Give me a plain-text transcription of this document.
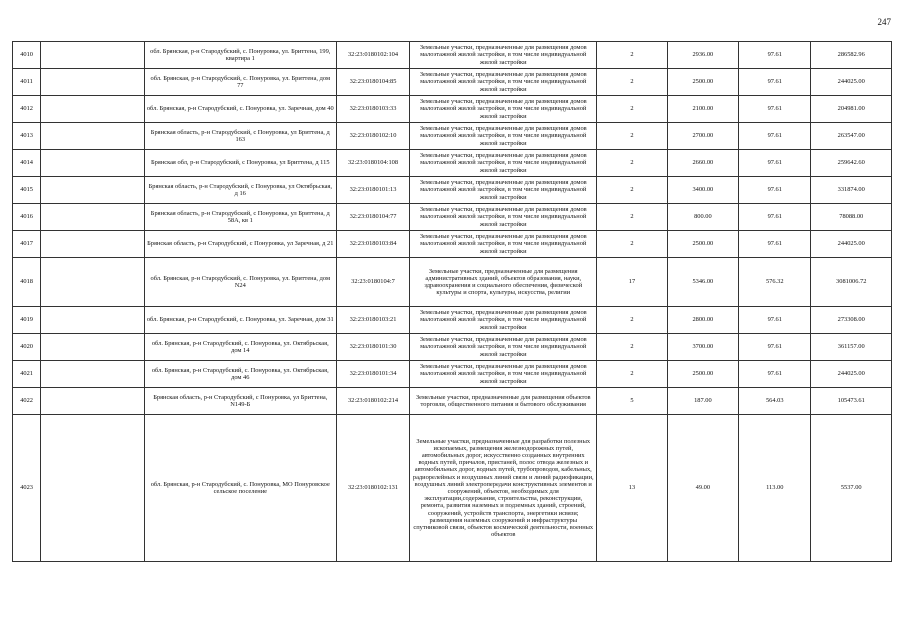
247
4010		обл. Брянская, р-н Стародубский, с. Понуровка, ул. Бриттена, 199, квартира 1	32:23:0180102:104	Земельные участки, предназначенные для размещения домов малоэтажной жилой застройки, в том числе индивидуальной жилой застройки	2	2936.00	97.61	286582.96
4011		обл. Брянская, р-н Стародубский, с. Понуровка, ул. Бриттена, дом 77	32:23:0180104:85	Земельные участки, предназначенные для размещения домов малоэтажной жилой застройки, в том числе индивидуальной жилой застройки	2	2500.00	97.61	244025.00
4012		обл. Брянская, р-н Стародубский, с. Понуровка, ул. Заречная, дом 40	32:23:0180103:33	Земельные участки, предназначенные для размещения домов малоэтажной жилой застройки, в том числе индивидуальной жилой застройки	2	2100.00	97.61	204981.00
4013		Брянская область, р-н Стародубский, с Понуровка, ул Бриттена, д 163	32:23:0180102:10	Земельные участки, предназначенные для размещения домов малоэтажной жилой застройки, в том числе индивидуальной жилой застройки	2	2700.00	97.61	263547.00
4014		Брянская обл, р-н Стародубский, с Понуровка, ул Бриттена, д 115	32:23:0180104:108	Земельные участки, предназначенные для размещения домов малоэтажной жилой застройки, в том числе индивидуальной жилой застройки	2	2660.00	97.61	259642.60
4015		Брянская область, р-н Стародубский, с Понуровка, ул Октябрьская, д 16	32:23:0180101:13	Земельные участки, предназначенные для размещения домов малоэтажной жилой застройки, в том числе индивидуальной жилой застройки	2	3400.00	97.61	331874.00
4016		Брянская область, р-н Стародубский, с Понуровка, ул Бриттена, д 58А, кв 1	32:23:0180104:77	Земельные участки, предназначенные для размещения домов малоэтажной жилой застройки, в том числе индивидуальной жилой застройки	2	800.00	97.61	78088.00
4017		Брянская область, р-н Стародубский, с Понуровка, ул Заречная, д 21	32:23:0180103:84	Земельные участки, предназначенные для размещения домов малоэтажной жилой застройки, в том числе индивидуальной жилой застройки	2	2500.00	97.61	244025.00
4018		обл. Брянская, р-н Стародубский, с. Понуровка, ул. Бриттена, дом N24	32:23:0180104:7	Земельные участки, предназначенные для размещения административных зданий, объектов образования, науки, здравоохранения и социального обеспечения, физической культуры и спорта, культуры, искусства, религии	17	5346.00	576.32	3081006.72
4019		обл. Брянская, р-н Стародубский, с. Понуровка, ул. Заречная, дом 31	32:23:0180103:21	Земельные участки, предназначенные для размещения домов малоэтажной жилой застройки, в том числе индивидуальной жилой застройки	2	2800.00	97.61	273308.00
4020		обл. Брянская, р-н Стародубский, с. Понуровка, ул. Октябрьская, дом 14	32:23:0180101:30	Земельные участки, предназначенные для размещения домов малоэтажной жилой застройки, в том числе индивидуальной жилой застройки	2	3700.00	97.61	361157.00
4021		обл. Брянская, р-н Стародубский, с. Понуровка, ул. Октябрьская, дом 46	32:23:0180101:34	Земельные участки, предназначенные для размещения домов малоэтажной жилой застройки, в том числе индивидуальной жилой застройки	2	2500.00	97.61	244025.00
4022		Брянская область, р-н Стародубский, с Понуровка, ул Бриттена, N149-Б	32:23:0180102:214	Земельные участки, предназначенные для размещения объектов торговли, общественного питания и бытового обслуживания	5	187.00	564.03	105473.61
4023		обл. Брянская, р-н Стародубский, с. Понуровка, МО Понуровское сельское поселение	32:23:0180102:131	Земельные участки, предназначенные для разработки полезных ископаемых, размещения железнодорожных путей, автомобильных дорог, искусственно созданных внутренних водных путей, причалов, пристаней, полос отвода железных и автомобильных дорог, водных путей, трубопроводов, кабельных, радиорелейных и воздушных линий связи и линий радиофикации, воздушных линий электропередачи конструктивных элементов и сооружений, объектов, необходимых для эксплуатации,содержания, строительства, реконструкции, ремонта, развития наземных и подземных зданий, строений, сооружений, устройств транспорта, энергетики исвязи; размещения наземных сооружений и инфраструктуры спутниковой связи, объектов космической деятельности, военных объектов	13	49.00	113.00	5537.00
